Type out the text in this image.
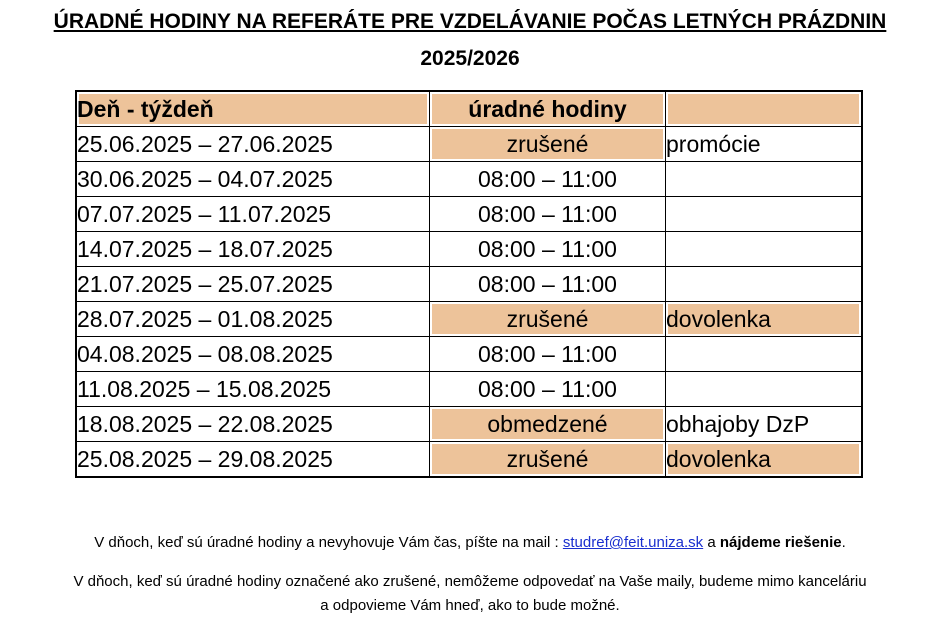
ÚRADNÉ HODINY NA REFERÁTE PRE VZDELÁVANIE POČAS LETNÝCH PRÁZDNIN
2025/2026
Deň - týždeň	úradné hodiny	
25.06.2025 – 27.06.2025	zrušené	promócie
30.06.2025 – 04.07.2025	08:00 – 11:00	
07.07.2025 – 11.07.2025	08:00 – 11:00	
14.07.2025 – 18.07.2025	08:00 – 11:00	
21.07.2025 – 25.07.2025	08:00 – 11:00	
28.07.2025 – 01.08.2025	zrušené	dovolenka
04.08.2025 – 08.08.2025	08:00 – 11:00	
11.08.2025 – 15.08.2025	08:00 – 11:00	
18.08.2025 – 22.08.2025	obmedzené	obhajoby DzP
25.08.2025 – 29.08.2025	zrušené	dovolenka
V dňoch, keď sú úradné hodiny a nevyhovuje Vám čas, píšte na mail : studref@feit.uniza.sk a nájdeme riešenie.
V dňoch, keď sú úradné hodiny označené ako zrušené, nemôžeme odpovedať na Vaše maily, budeme mimo kanceláriu
a odpovieme Vám hneď, ako to bude možné.
